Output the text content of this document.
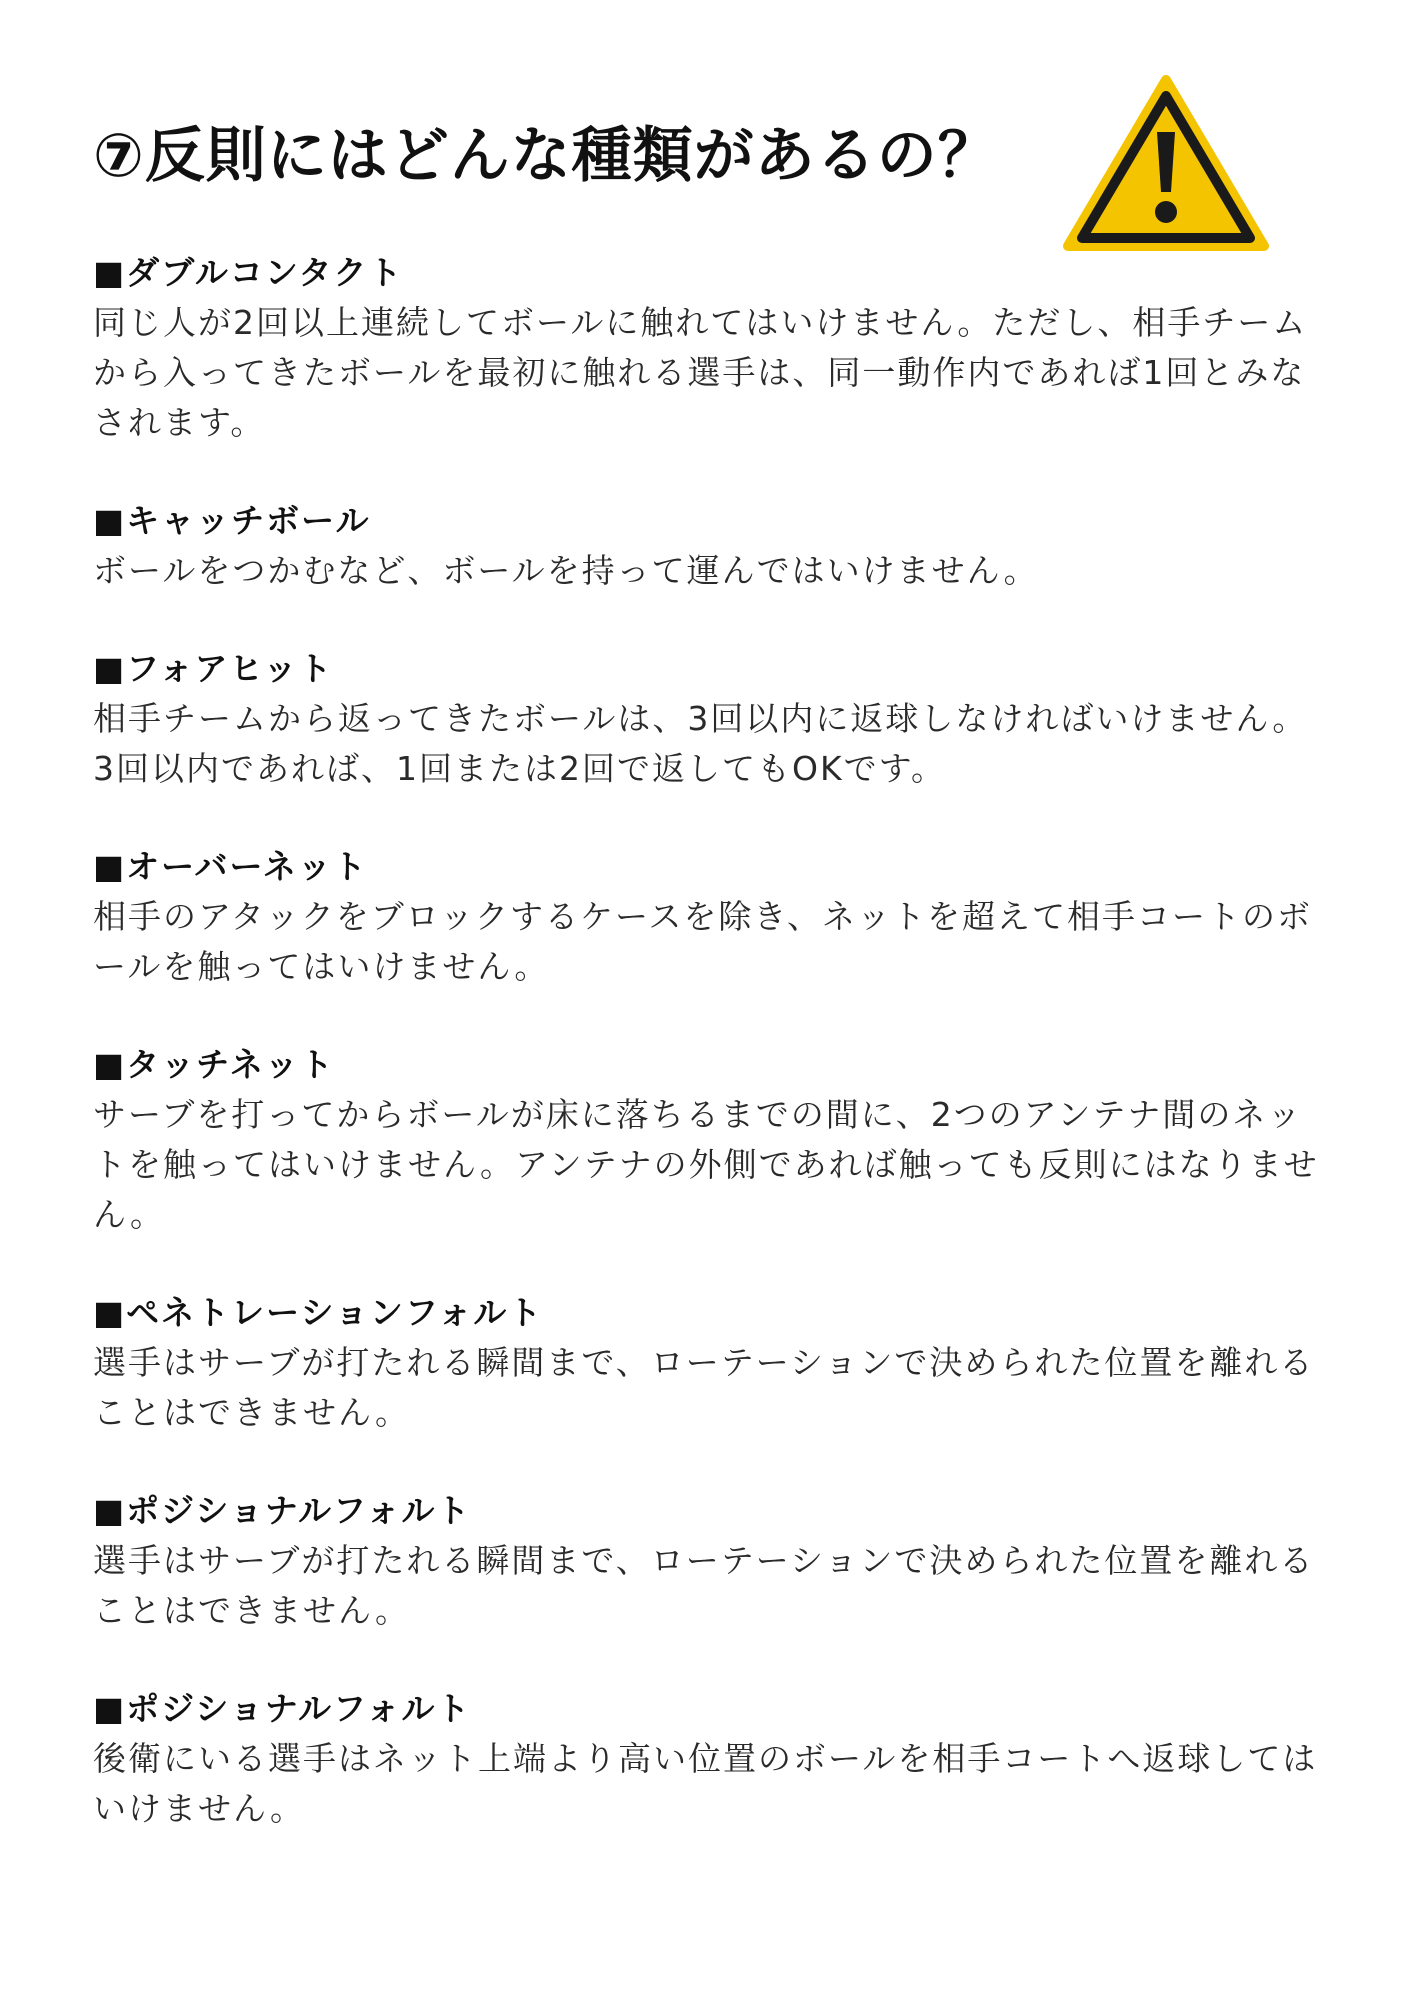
⑦反則にはどんな種類があるの？
■ダブルコンタクト
同じ人が2回以上連続してボールに触れてはいけません。ただし、相手チームから入ってきたボールを最初に触れる選手は、同一動作内であれば1回とみなされます。
■キャッチボール
ボールをつかむなど、ボールを持って運んではいけません。
■フォアヒット
相手チームから返ってきたボールは、3回以内に返球しなければいけません。3回以内であれば、1回または2回で返してもOKです。
■オーバーネット
相手のアタックをブロックするケースを除き、ネットを超えて相手コートのボールを触ってはいけません。
■タッチネット
サーブを打ってからボールが床に落ちるまでの間に、2つのアンテナ間のネットを触ってはいけません。アンテナの外側であれば触っても反則にはなりません。
■ペネトレーションフォルト
選手はサーブが打たれる瞬間まで、ローテーションで決められた位置を離れることはできません。
■ポジショナルフォルト
選手はサーブが打たれる瞬間まで、ローテーションで決められた位置を離れることはできません。
■ポジショナルフォルト
後衛にいる選手はネット上端より高い位置のボールを相手コートへ返球してはいけません。
